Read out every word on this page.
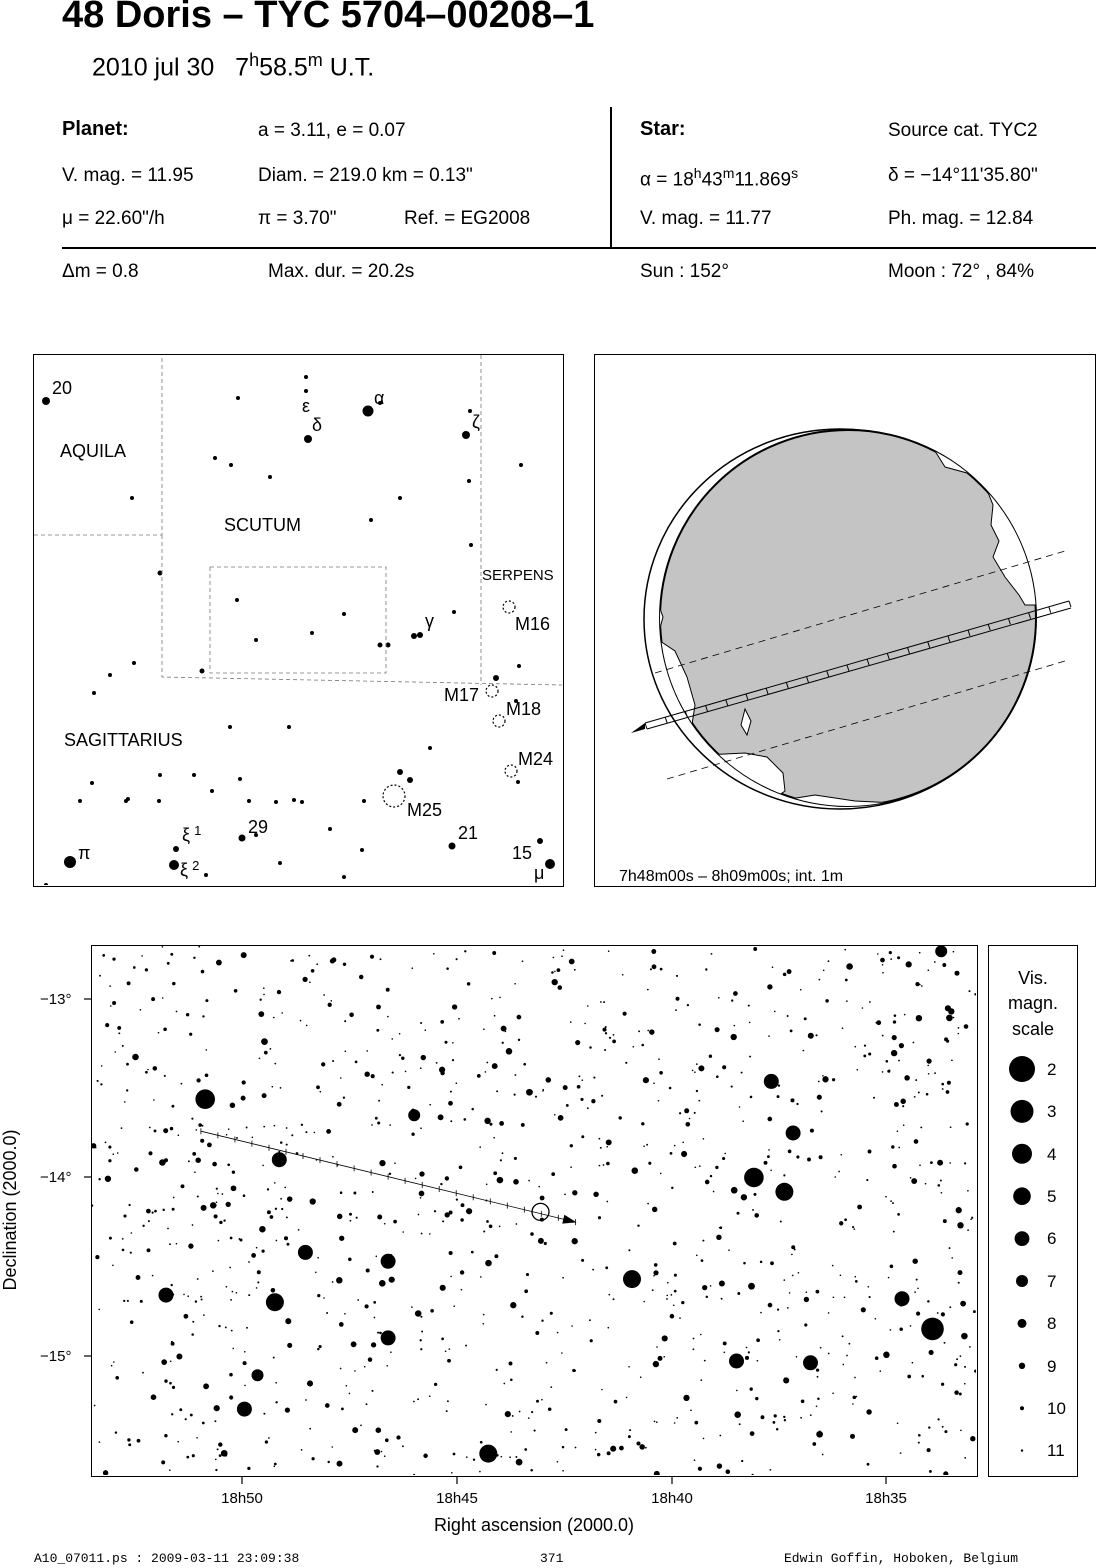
48 Doris – TYC 5704–00208–1
2010 jul 30 7$^h$58.5$^m$ U.T.
Planet:	a = 3.11, e = 0.07
V. mag. = 11.95	Diam. = 219.0 km = 0.13"
μ = 22.60"/h	π = 3.70"	Ref. = EG2008
Star:	Source cat. TYC2
$\alpha = 18^h43^m11.869^s$	δ = −14°11'35.80"
V. mag. = 11.77	Ph. mag. = 12.84
Δm = 0.8	Max. dur. = 20.2s	Sun : 152°	Moon : 72° , 84%
AQUILA
SCUTUM
SERPENS
SAGITTARIUS
20
ε	α
δ	ζ
γ	M16
M17
M18
M24
M25
29	21
15
μ
π
ξ $^1$
ξ $^2$
7h48m00s – 8h09m00s; int. 1m
−13°
−14°
−15°
18h50	18h45	18h40	18h35
Right ascension (2000.0)
Declination (2000.0)
Vis.
magn.
scale
2
3
4
5
6
7
8
9
10
11
A10_07011.ps : 2009-03-11 23:09:38	371	Edwin Goffin, Hoboken, Belgium
